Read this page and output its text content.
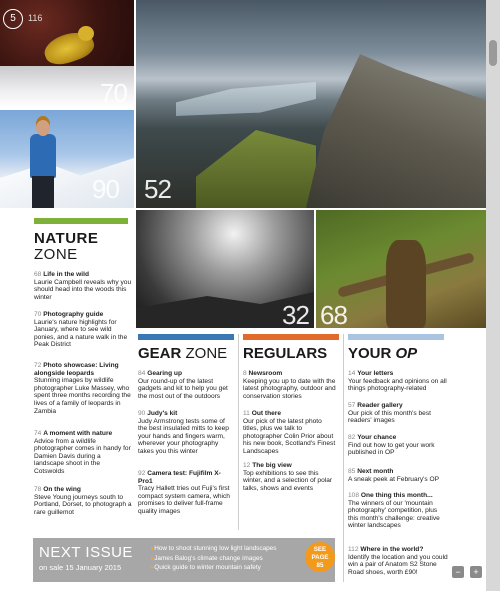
70
5	116
90 52
32 68
NATURE
ZONE
68 Life in the wild
Laurie Campbell reveals why you should head into the woods this winter
70 Photography guide
Laurie's nature highlights for January, where to see wild ponies, and a nature walk in the Peak District
72 Photo showcase: Living alongside leopards
Stunning images by wildlife photographer Luke Massey, who spent three months recording the lives of a family of leopards in Zambia
74 A moment with nature
Advice from a wildlife photographer comes in handy for Damien Davis during a landscape shoot in the Cotswolds
78 On the wing
Steve Young journeys south to Portland, Dorset, to photograph a rare guillemot
GEAR ZONE
84 Gearing up
Our round-up of the latest gadgets and kit to help you get the most out of the outdoors
90 Judy's kit
Judy Armstrong tests some of the best insulated mitts to keep your hands and fingers warm, wherever your photography takes you this winter
92 Camera test: Fujifilm X-Pro1
Tracy Hallett tries out Fuji's first compact system camera, which promises to deliver full-frame quality images
REGULARS
8 Newsroom
Keeping you up to date with the latest photography, outdoor and conservation stories
11 Out there
Our pick of the latest photo titles, plus we talk to photographer Colin Prior about his new book, Scotland's Finest Landscapes
12 The big view
Top exhibitions to see this winter, and a selection of polar talks, shows and events
YOUR OP
14 Your letters
Your feedback and opinions on all things photography-related
57 Reader gallery
Our pick of this month's best readers' images
82 Your chance
Find out how to get your work published in OP
85 Next month
A sneak peek at February's OP
108 One thing this month...
The winners of our 'mountain photography' competition, plus this month's challenge: creative winter landscapes
112 Where in the world?
Identify the location and you could win a pair of Anatom S2 Stone Road shoes, worth £90!
NEXT ISSUE
on sale 15 January 2015
▸ How to shoot stunning low light landscapes
▸ James Balog's climate change images
▸ Quick guide to winter mountain safety
SEE
PAGE
85
−	+
